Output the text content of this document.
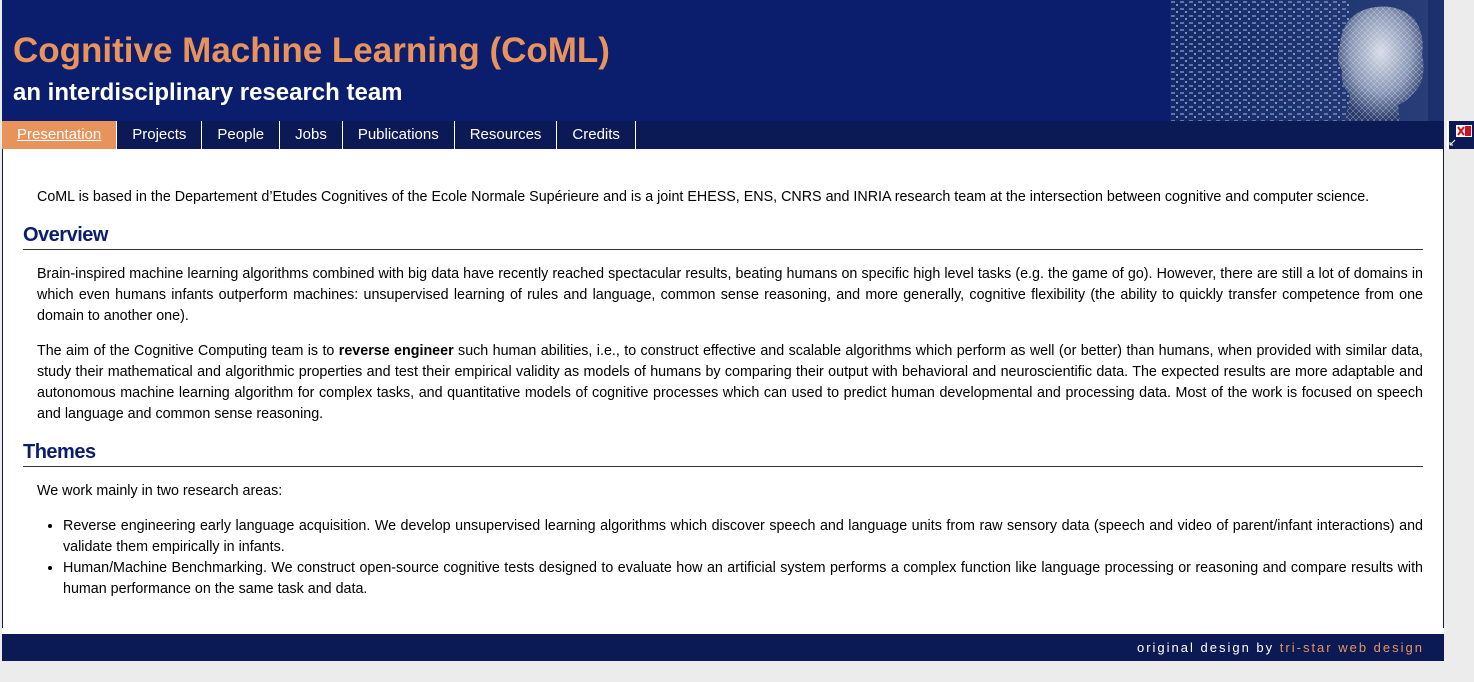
Cognitive Machine Learning (CoML)
an interdisciplinary research team
Presentation	Projects	People	Jobs	Publications	Resources	Credits

CoML is based in the Departement d’Etudes Cognitives of the Ecole Normale Supérieure and is a joint EHESS, ENS, CNRS and INRIA research team at the intersection between cognitive and computer science.

Overview

Brain-inspired machine learning algorithms combined with big data have recently reached spectacular results, beating humans on specific high level tasks (e.g. the game of go). However, there are still a lot of domains in which even humans infants outperform machines: unsupervised learning of rules and language, common sense reasoning, and more generally, cognitive flexibility (the ability to quickly transfer competence from one domain to another one).

The aim of the Cognitive Computing team is to reverse engineer such human abilities, i.e., to construct effective and scalable algorithms which perform as well (or better) than humans, when provided with similar data, study their mathematical and algorithmic properties and test their empirical validity as models of humans by comparing their output with behavioral and neuroscientific data. The expected results are more adaptable and autonomous machine learning algorithm for complex tasks, and quantitative models of cognitive processes which can used to predict human developmental and processing data. Most of the work is focused on speech and language and common sense reasoning.

Themes

We work mainly in two research areas:

• Reverse engineering early language acquisition. We develop unsupervised learning algorithms which discover speech and language units from raw sensory data (speech and video of parent/infant interactions) and validate them empirically in infants.
• Human/Machine Benchmarking. We construct open-source cognitive tests designed to evaluate how an artificial system performs a complex function like language processing or reasoning and compare results with human performance on the same task and data.
original design by tri-star web design
